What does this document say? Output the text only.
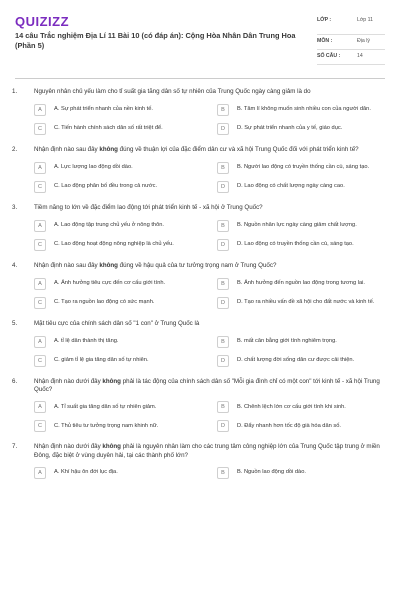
QUIZIZZ
14 câu Trắc nghiệm Địa Lí 11 Bài 10 (có đáp án): Cộng Hòa Nhân Dân Trung Hoa (Phần 5)
LỚP :	Lớp 11
MÔN :	Địa lý
SỐ CÂU :	14
1.	Nguyên nhân chủ yếu làm cho tỉ suất gia tăng dân số tự nhiên của Trung Quốc ngày càng giảm là do
A	A. Sự phát triển nhanh của nền kinh tế.	B	B. Tâm lí không muốn sinh nhiều con của người dân.
C	C. Tiến hành chính sách dân số rất triệt để.	D	D. Sự phát triển nhanh của y tế, giáo dục.
2.	Nhận định nào sau đây không đúng về thuận lợi của đặc điểm dân cư và xã hội Trung Quốc đối với phát triển kinh tế?
A	A. Lực lượng lao động dồi dào.	B	B. Người lao động có truyền thống cần cù, sáng tạo.
C	C. Lao động phân bố đều trong cả nước.	D	D. Lao động có chất lượng ngày càng cao.
3.	Tiềm năng to lớn về đặc điểm lao động tới phát triển kinh tế - xã hội ở Trung Quốc?
A	A. Lao động tập trung chủ yếu ở nông thôn.	B	B. Nguồn nhân lực ngày càng giảm chất lượng.
C	C. Lao động hoạt động nông nghiệp là chủ yếu.	D	D. Lao động có truyền thống cần cù, sáng tạo.
4.	Nhận định nào sau đây không đúng về hậu quả của tư tưởng trọng nam ở Trung Quốc?
A	A. Ảnh hưởng tiêu cực đến cơ cấu giới tính.	B	B. Ảnh hưởng đến nguồn lao động trong tương lai.
C	C. Tạo ra nguồn lao động có sức mạnh.	D	D. Tạo ra nhiều vấn đề xã hội cho đất nước và kinh tế.
5.	Mặt tiêu cực của chính sách dân số "1 con" ở Trung Quốc là
A	A. tỉ lệ dân thành thị tăng.	B	B. mất cân bằng giới tính nghiêm trọng.
C	C. giảm tỉ lệ gia tăng dân số tự nhiên.	D	D. chất lượng đời sống dân cư được cải thiện.
6.	Nhận định nào dưới đây không phải là tác động của chính sách dân số "Mỗi gia đình chỉ có một con" tới kinh tế - xã hội Trung Quốc?
A	A. Tỉ suất gia tăng dân số tự nhiên giảm.	B	B. Chênh lệch lớn cơ cấu giới tính khi sinh.
C	C. Thủ tiêu tư tưởng trọng nam khinh nữ.	D	D. Đẩy nhanh hơn tốc độ già hóa dân số.
7.	Nhận định nào dưới đây không phải là nguyên nhân làm cho các trung tâm công nghiệp lớn của Trung Quốc tập trung ở miền Đông, đặc biệt ở vùng duyên hải, tại các thành phố lớn?
A	A. Khí hậu ôn đới lục địa.	B	B. Nguồn lao động dồi dào.
